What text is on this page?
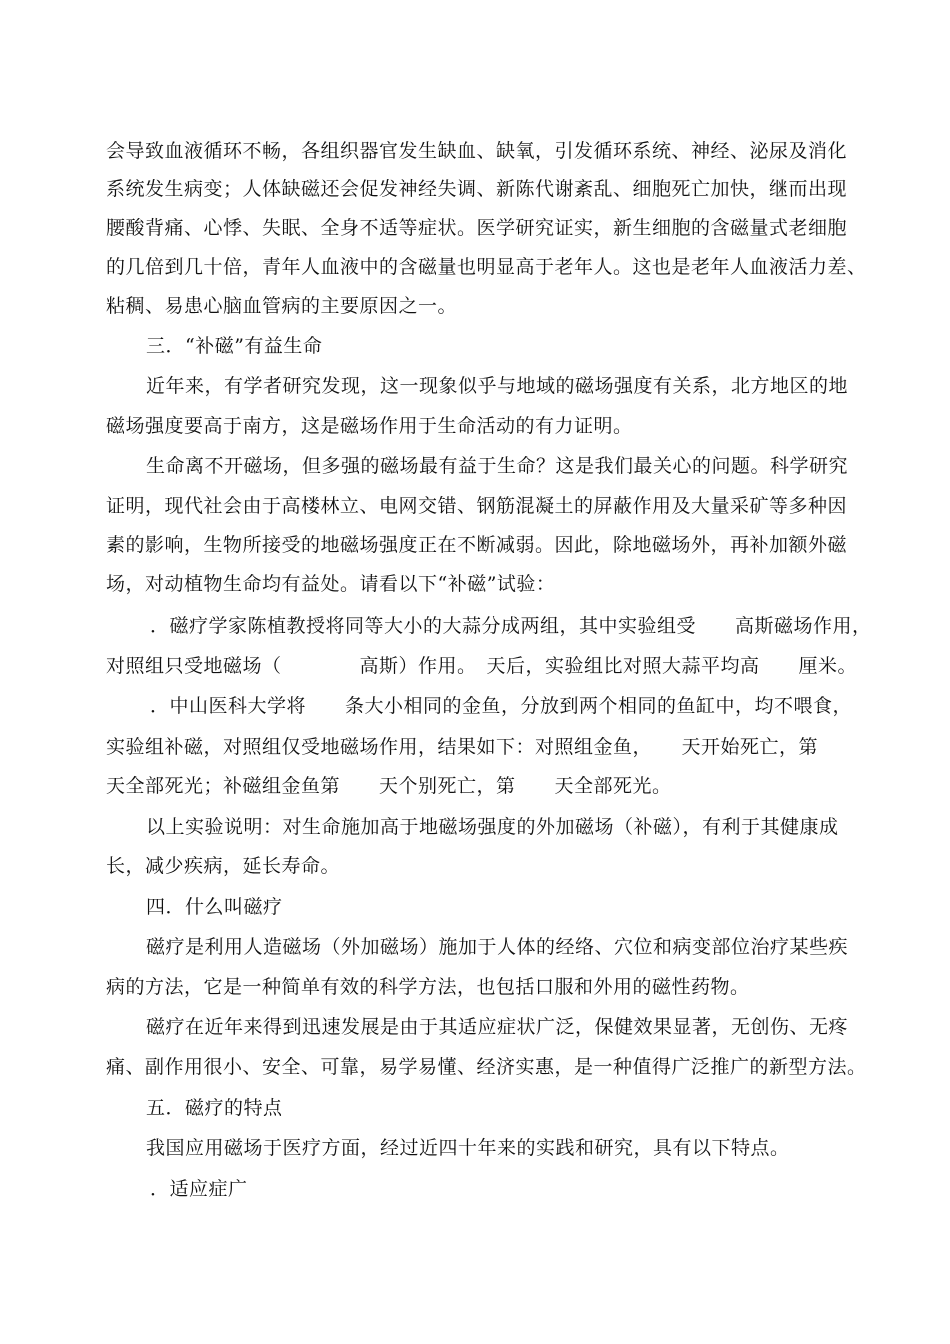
会导致血液循环不畅，各组织器官发生缺血、缺氧，引发循环系统、神经、泌尿及消化
系统发生病变；人体缺磁还会促发神经失调、新陈代谢紊乱、细胞死亡加快，继而出现
腰酸背痛、心悸、失眠、全身不适等症状。医学研究证实，新生细胞的含磁量式老细胞
的几倍到几十倍，青年人血液中的含磁量也明显高于老年人。这也是老年人血液活力差、
粘稠、易患心脑血管病的主要原因之一。
三．“补磁”有益生命
近年来，有学者研究发现，这一现象似乎与地域的磁场强度有关系，北方地区的地
磁场强度要高于南方，这是磁场作用于生命活动的有力证明。
生命离不开磁场，但多强的磁场最有益于生命？这是我们最关心的问题。科学研究
证明，现代社会由于高楼林立、电网交错、钢筋混凝土的屏蔽作用及大量采矿等多种因
素的影响，生物所接受的地磁场强度正在不断减弱。因此，除地磁场外，再补加额外磁
场，对动植物生命均有益处。请看以下“补磁”试验：
．磁疗学家陈植教授将同等大小的大蒜分成两组，其中实验组受　　高斯磁场作用，
对照组只受地磁场（　　　　高斯）作用。　天后，实验组比对照大蒜平均高　　厘米。
．中山医科大学将　　条大小相同的金鱼，分放到两个相同的鱼缸中，均不喂食，
实验组补磁，对照组仅受地磁场作用，结果如下：对照组金鱼，　　天开始死亡，第
天全部死光；补磁组金鱼第　　天个别死亡，第　　天全部死光。
以上实验说明：对生命施加高于地磁场强度的外加磁场（补磁），有利于其健康成
长，减少疾病，延长寿命。
四．什么叫磁疗
磁疗是利用人造磁场（外加磁场）施加于人体的经络、穴位和病变部位治疗某些疾
病的方法，它是一种简单有效的科学方法，也包括口服和外用的磁性药物。
磁疗在近年来得到迅速发展是由于其适应症状广泛，保健效果显著，无创伤、无疼
痛、副作用很小、安全、可靠，易学易懂、经济实惠，是一种值得广泛推广的新型方法。
五．磁疗的特点
我国应用磁场于医疗方面，经过近四十年来的实践和研究，具有以下特点。
．适应症广
